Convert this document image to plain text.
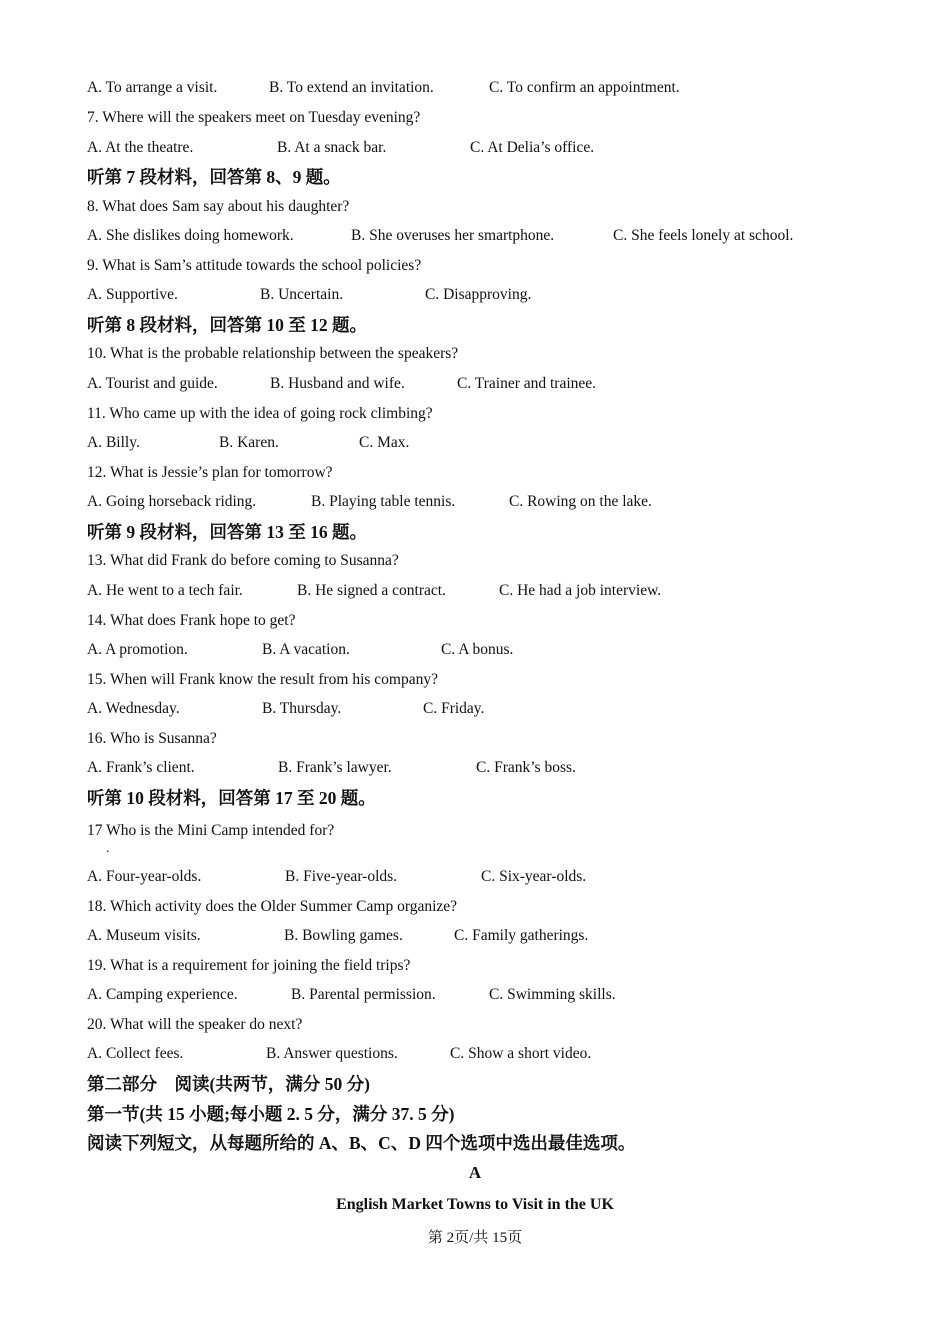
A. To arrange a visit.	B. To extend an invitation.	C. To confirm an appointment.
7. Where will the speakers meet on Tuesday evening?
A. At the theatre.	B. At a snack bar.	C. At Delia’s office.
听第 7 段材料，回答第 8、9 题。
8. What does Sam say about his daughter?
A. She dislikes doing homework.	B. She overuses her smartphone.	C. She feels lonely at school.
9. What is Sam’s attitude towards the school policies?
A. Supportive.	B. Uncertain.	C. Disapproving.
听第 8 段材料，回答第 10 至 12 题。
10. What is the probable relationship between the speakers?
A. Tourist and guide.	B. Husband and wife.	C. Trainer and trainee.
11. Who came up with the idea of going rock climbing?
A. Billy.	B. Karen.	C. Max.
12. What is Jessie’s plan for tomorrow?
A. Going horseback riding.	B. Playing table tennis.	C. Rowing on the lake.
听第 9 段材料，回答第 13 至 16 题。
13. What did Frank do before coming to Susanna?
A. He went to a tech fair.	B. He signed a contract.	C. He had a job interview.
14. What does Frank hope to get?
A. A promotion.	B. A vacation.	C. A bonus.
15. When will Frank know the result from his company?
A. Wednesday.	B. Thursday.	C. Friday.
16. Who is Susanna?
A. Frank’s client.	B. Frank’s lawyer.	C. Frank’s boss.
听第 10 段材料，回答第 17 至 20 题。
17 Who is the Mini Camp intended for?
.
A. Four-year-olds.	B. Five-year-olds.	C. Six-year-olds.
18. Which activity does the Older Summer Camp organize?
A. Museum visits.	B. Bowling games.	C. Family gatherings.
19. What is a requirement for joining the field trips?
A. Camping experience.	B. Parental permission.	C. Swimming skills.
20. What will the speaker do next?
A. Collect fees.	B. Answer questions.	C. Show a short video.
第二部分　阅读(共两节，满分 50 分)
第一节(共 15 小题;每小题 2. 5 分，满分 37. 5 分)
阅读下列短文，从每题所给的 A、B、C、D 四个选项中选出最佳选项。
A
English Market Towns to Visit in the UK
第 2页/共 15页
